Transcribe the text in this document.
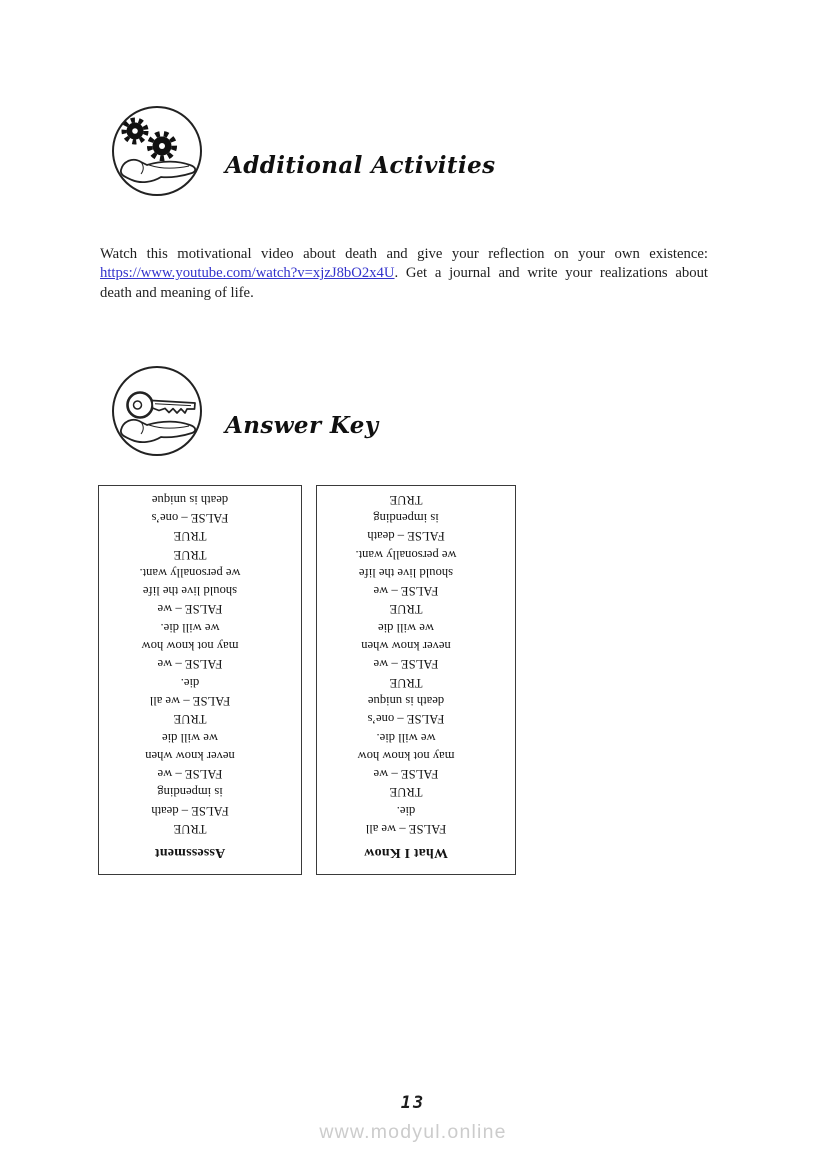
Additional Activities

Watch this motivational video about death and give your reflection on your own existence: https://www.youtube.com/watch?v=xjzJ8bO2x4U. Get a journal and write your realizations about death and meaning of life.

Answer Key
Assessment
TRUE
FALSE – death
is impending
FALSE – we
never know when
we will die
TRUE
FALSE – we all
die.
FALSE – we
may not know how
we will die.
FALSE – we
should live the life
we personally want.
TRUE
TRUE
FALSE – one’s
death is unique
What I Know
FALSE – we all
die.
TRUE
FALSE – we
may not know how
we will die.
FALSE – one’s
death is unique
TRUE
FALSE – we
never know when
we will die
TRUE
FALSE – we
should live the life
we personally want.
FALSE – death
is impending
TRUE
13
www.modyul.online
